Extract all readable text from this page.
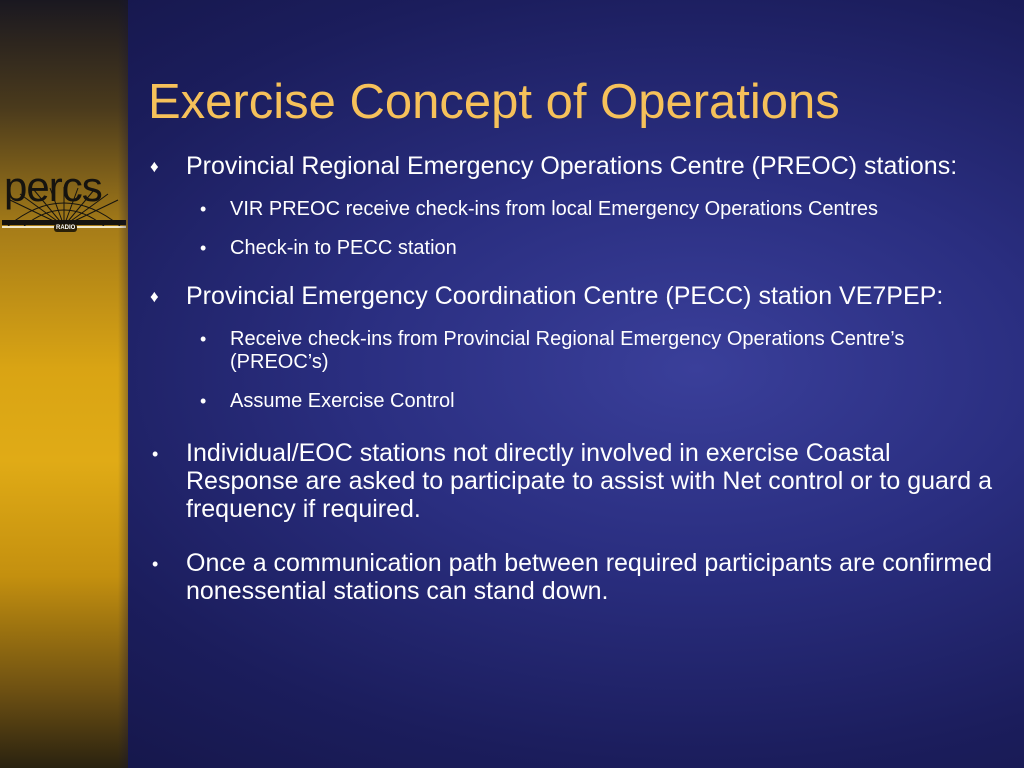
percs
RADIO
Exercise Concept of Operations
♦ Provincial Regional Emergency Operations Centre (PREOC) stations:
• VIR PREOC receive check-ins from local Emergency Operations Centres
• Check-in to PECC station
♦ Provincial Emergency Coordination Centre (PECC) station VE7PEP:
• Receive check-ins from Provincial Regional Emergency Operations Centre’s (PREOC’s)
• Assume Exercise Control
• Individual/EOC stations not directly involved in exercise Coastal Response are asked to participate to assist with Net control or to guard a frequency if required.
• Once a communication path between required participants are confirmed nonessential stations can stand down.
